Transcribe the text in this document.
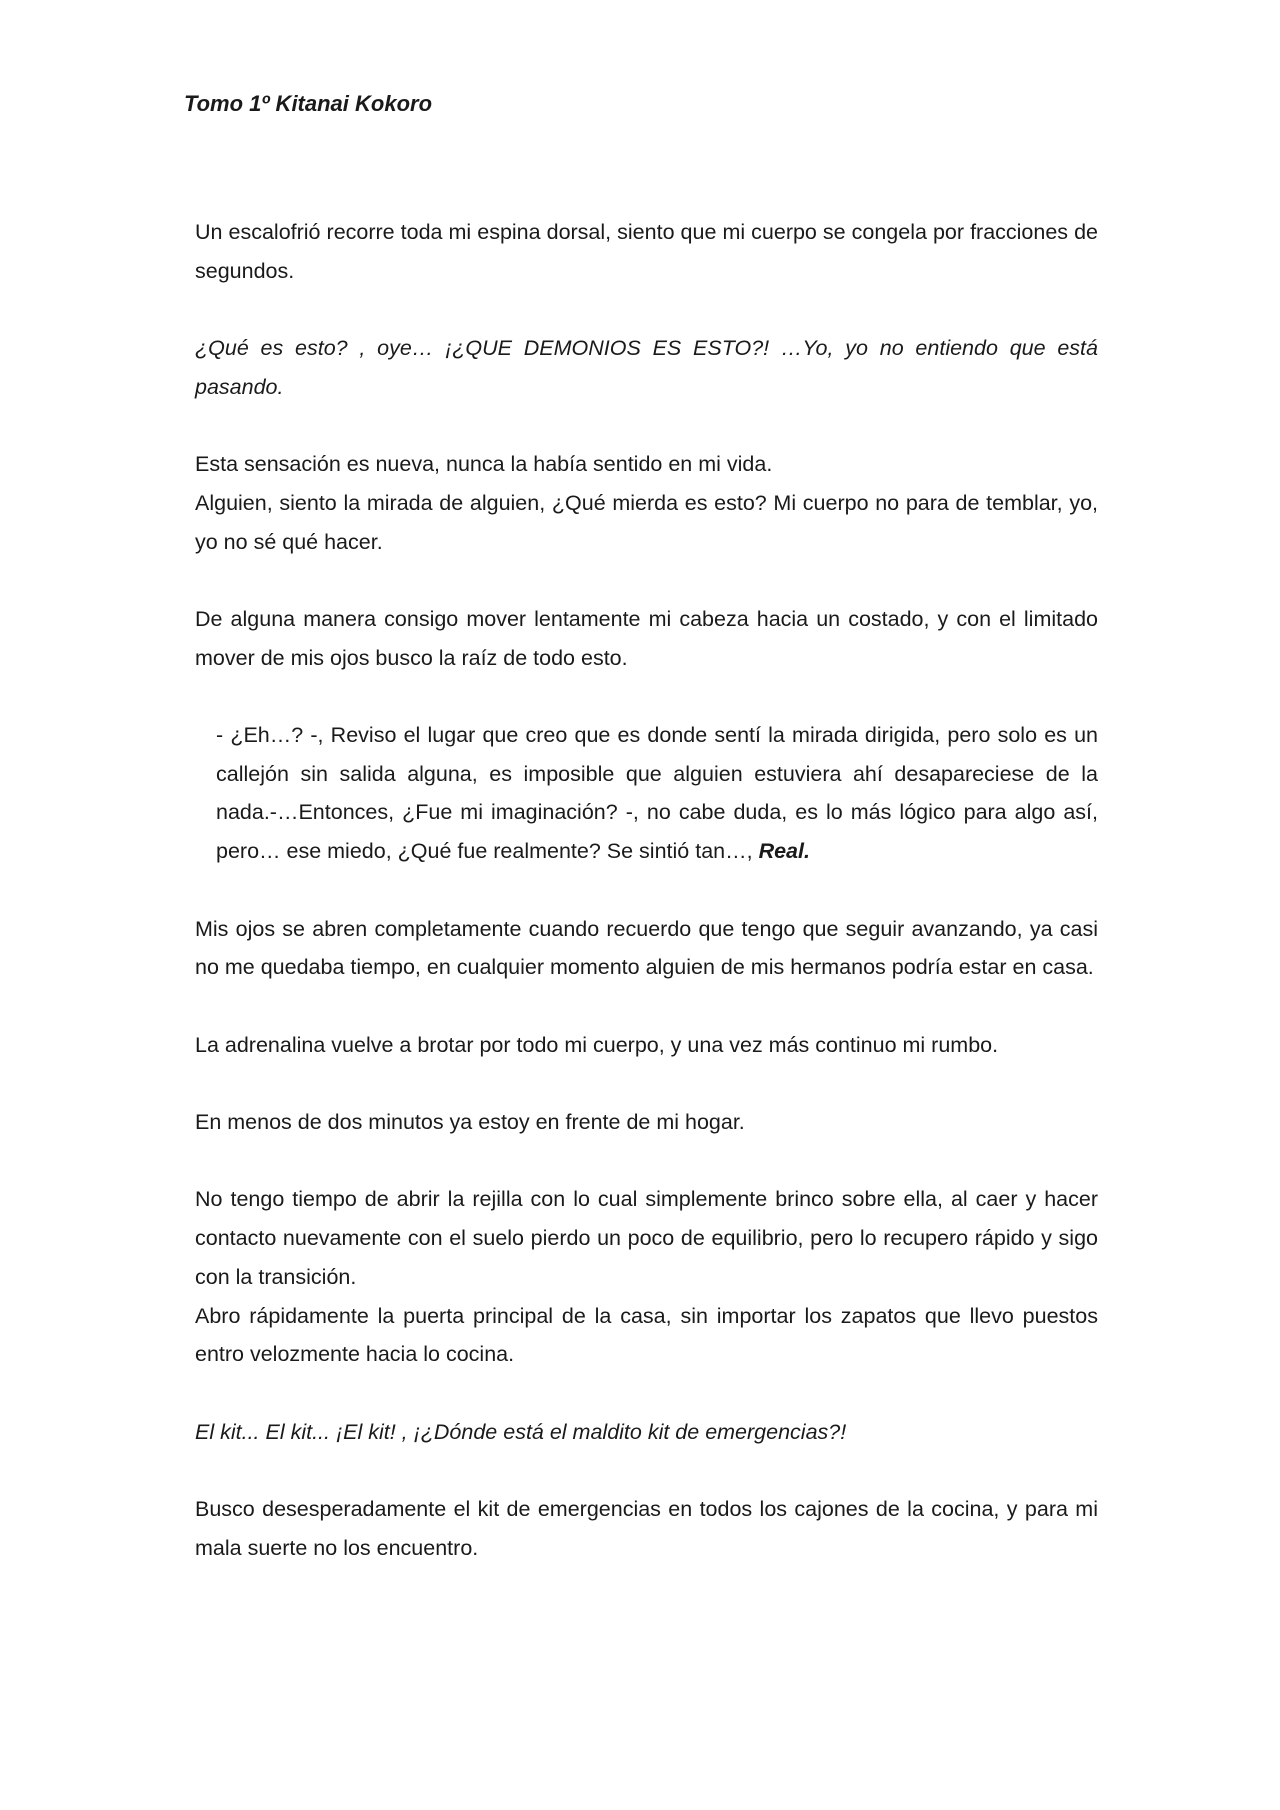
Tomo 1º Kitanai Kokoro

Un escalofrió recorre toda mi espina dorsal, siento que mi cuerpo se congela por fracciones de segundos.

¿Qué es esto? , oye… ¡¿QUE DEMONIOS ES ESTO?! …Yo, yo no entiendo que está pasando.

Esta sensación es nueva, nunca la había sentido en mi vida.

Alguien, siento la mirada de alguien, ¿Qué mierda es esto? Mi cuerpo no para de temblar, yo, yo no sé qué hacer.

De alguna manera consigo mover lentamente mi cabeza hacia un costado, y con el limitado mover de mis ojos busco la raíz de todo esto.

- ¿Eh…? -, Reviso el lugar que creo que es donde sentí la mirada dirigida, pero solo es un callejón sin salida alguna, es imposible que alguien estuviera ahí desapareciese de la nada.-…Entonces, ¿Fue mi imaginación? -, no cabe duda, es lo más lógico para algo así, pero… ese miedo, ¿Qué fue realmente? Se sintió tan…, Real.

Mis ojos se abren completamente cuando recuerdo que tengo que seguir avanzando, ya casi no me quedaba tiempo, en cualquier momento alguien de mis hermanos podría estar en casa.

La adrenalina vuelve a brotar por todo mi cuerpo, y una vez más continuo mi rumbo.

En menos de dos minutos ya estoy en frente de mi hogar.

No tengo tiempo de abrir la rejilla con lo cual simplemente brinco sobre ella, al caer y hacer contacto nuevamente con el suelo pierdo un poco de equilibrio, pero lo recupero rápido y sigo con la transición.

Abro rápidamente la puerta principal de la casa, sin importar los zapatos que llevo puestos entro velozmente hacia lo cocina.

El kit... El kit... ¡El kit! , ¡¿Dónde está el maldito kit de emergencias?!

Busco desesperadamente el kit de emergencias en todos los cajones de la cocina, y para mi mala suerte no los encuentro.
